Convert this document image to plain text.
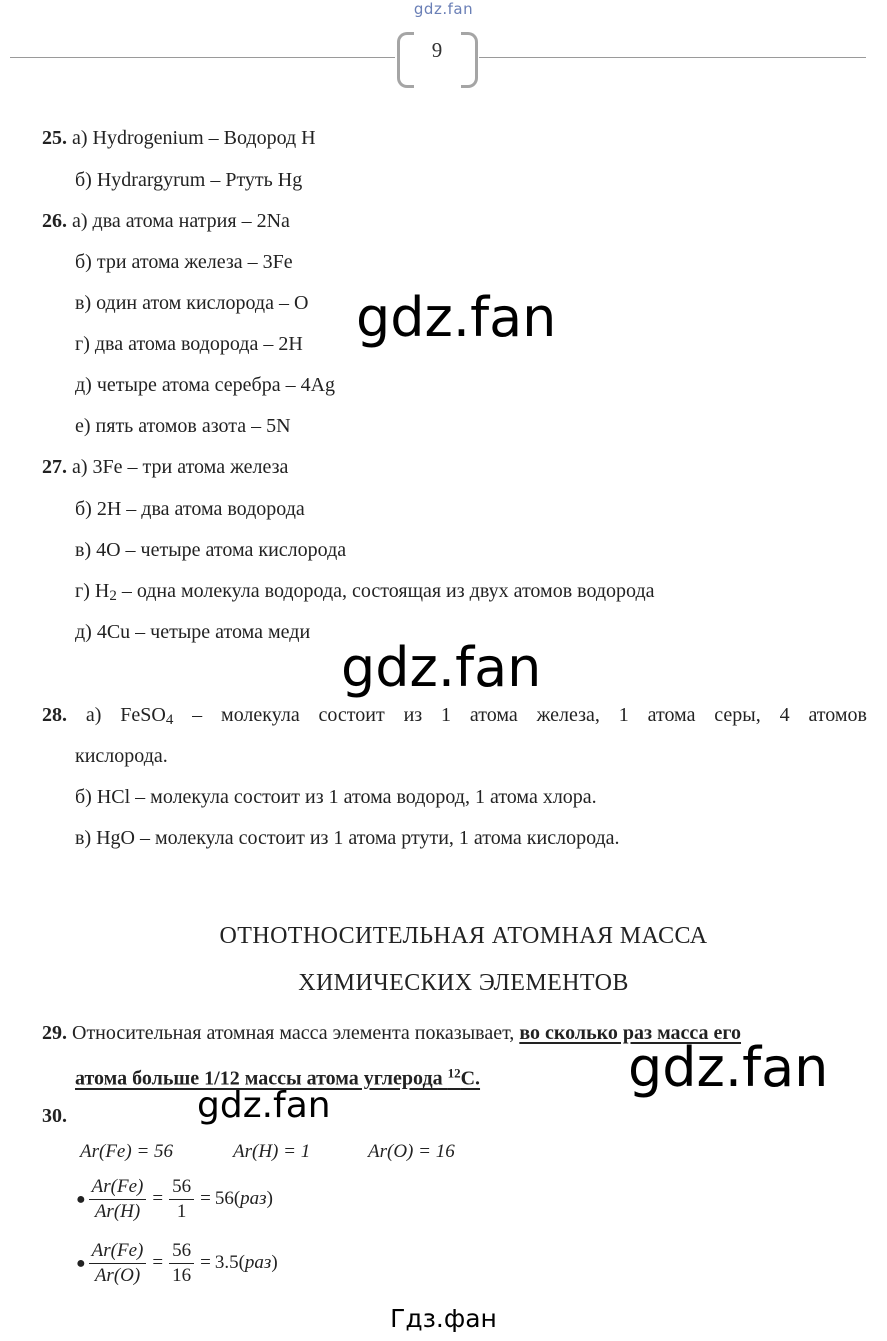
gdz.fan
9
25. а) Hydrogenium – Водород H
б) Hydrargyrum – Ртуть Hg
26. а) два атома натрия – 2Na
б) три атома железа – 3Fe
в) один атом кислорода – O
г) два атома водорода – 2H
д) четыре атома серебра – 4Ag
е) пять атомов азота – 5N
27. а) 3Fe – три атома железа
б) 2H – два атома водорода
в) 4O – четыре атома кислорода
г) $H_2$ – одна молекула водорода, состоящая из двух атомов водорода
д) 4Cu – четыре атома меди
28. а) FeSO$_4$ – молекула состоит из 1 атома железа, 1 атома серы, 4 атомов
кислорода.
б) HCl – молекула состоит из 1 атома водород, 1 атома хлора.
в) HgO – молекула состоит из 1 атома ртути, 1 атома кислорода.
ОТНОТНОСИТЕЛЬНАЯ АТОМНАЯ МАССА
ХИМИЧЕСКИХ ЭЛЕМЕНТОВ
29. Относительная атомная масса элемента показывает, во сколько раз масса его
атома больше 1/12 массы атома углерода $^{12}$С.
30.
Ar(Fe) = 56	Ar(H) = 1	Ar(O) = 16
● $\frac{Ar(Fe)}{Ar(H)} = \frac{56}{1} = 56(раз)$
● $\frac{Ar(Fe)}{Ar(O)} = \frac{56}{16} = 3.5(раз)$
gdz.fan
gdz.fan
gdz.fan
gdz.fan
Гдз.фан
